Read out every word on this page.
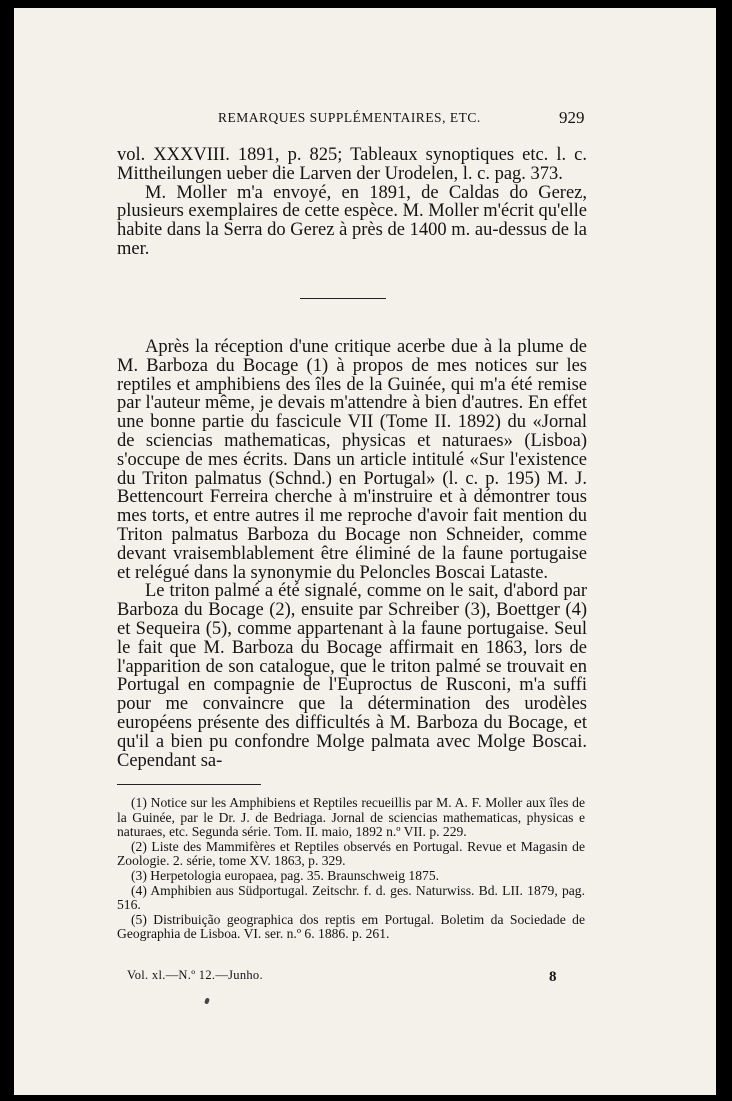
REMARQUES SUPPLÉMENTAIRES, ETC.	929

vol. XXXVIII. 1891, p. 825; Tableaux synoptiques etc. l. c. Mittheilungen ueber die Larven der Urodelen, l. c. pag. 373.

M. Moller m'a envoyé, en 1891, de Caldas do Gerez, plusieurs exemplaires de cette espèce. M. Moller m'écrit qu'elle habite dans la Serra do Gerez à près de 1400 m. au-dessus de la mer.

Après la réception d'une critique acerbe due à la plume de M. Barboza du Bocage (1) à propos de mes notices sur les reptiles et amphibiens des îles de la Guinée, qui m'a été remise par l'auteur même, je devais m'attendre à bien d'autres. En effet une bonne partie du fascicule VII (Tome II. 1892) du «Jornal de sciencias mathematicas, physicas et naturaes» (Lisboa) s'occupe de mes écrits. Dans un article intitulé «Sur l'existence du Triton palmatus (Schnd.) en Portugal» (l. c. p. 195) M. J. Bettencourt Ferreira cherche à m'instruire et à démontrer tous mes torts, et entre autres il me reproche d'avoir fait mention du Triton palmatus Barboza du Bocage non Schneider, comme devant vraisemblablement être éliminé de la faune portugaise et relégué dans la synonymie du Peloncles Boscai Lataste.

Le triton palmé a été signalé, comme on le sait, d'abord par Barboza du Bocage (2), ensuite par Schreiber (3), Boettger (4) et Sequeira (5), comme appartenant à la faune portugaise. Seul le fait que M. Barboza du Bocage affirmait en 1863, lors de l'apparition de son catalogue, que le triton palmé se trouvait en Portugal en compagnie de l'Euproctus de Rusconi, m'a suffi pour me convaincre que la détermination des urodèles européens présente des difficultés à M. Barboza du Bocage, et qu'il a bien pu confondre Molge palmata avec Molge Boscai. Cependant sa-

(1) Notice sur les Amphibiens et Reptiles recueillis par M. A. F. Moller aux îles de la Guinée, par le Dr. J. de Bedriaga. Jornal de sciencias mathematicas, physicas e naturaes, etc. Segunda série. Tom. II. maio, 1892 n.º VII. p. 229.

(2) Liste des Mammifères et Reptiles observés en Portugal. Revue et Magasin de Zoologie. 2. série, tome XV. 1863, p. 329.

(3) Herpetologia europaea, pag. 35. Braunschweig 1875.

(4) Amphibien aus Südportugal. Zeitschr. f. d. ges. Naturwiss. Bd. LII. 1879, pag. 516.

(5) Distribuição geographica dos reptis em Portugal. Boletim da Sociedade de Geographia de Lisboa. VI. ser. n.º 6. 1886. p. 261.

Vol. xl.—N.º 12.—Junho.	8
